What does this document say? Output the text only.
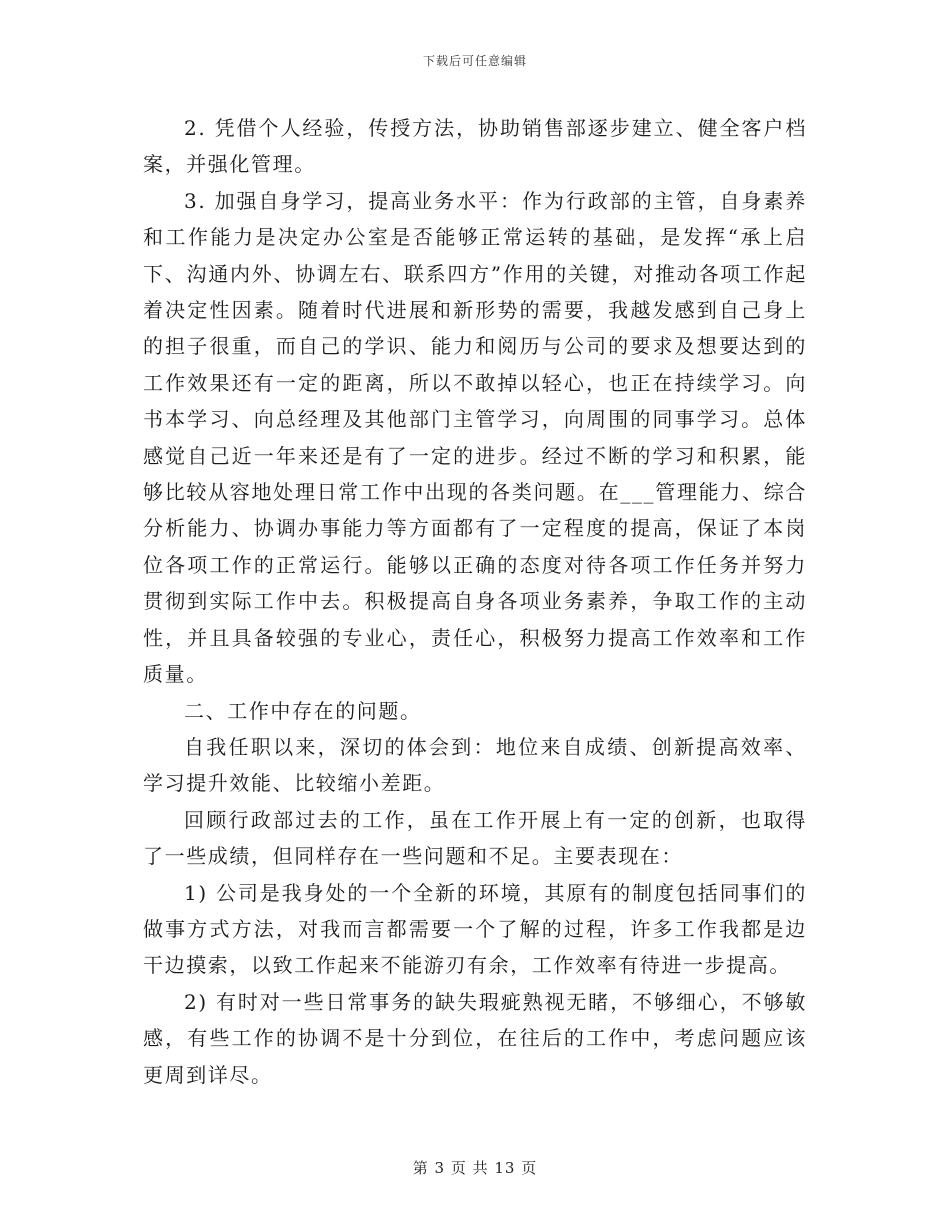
下载后可任意编辑

2. 凭借个人经验，传授方法，协助销售部逐步建立、健全客户档案，并强化管理。

3. 加强自身学习，提高业务水平：作为行政部的主管，自身素养和工作能力是决定办公室是否能够正常运转的基础，是发挥“承上启下、沟通内外、协调左右、联系四方”作用的关键，对推动各项工作起着决定性因素。随着时代进展和新形势的需要，我越发感到自己身上的担子很重，而自己的学识、能力和阅历与公司的要求及想要达到的工作效果还有一定的距离，所以不敢掉以轻心，也正在持续学习。向书本学习、向总经理及其他部门主管学习，向周围的同事学习。总体感觉自己近一年来还是有了一定的进步。经过不断的学习和积累，能够比较从容地处理日常工作中出现的各类问题。在___管理能力、综合分析能力、协调办事能力等方面都有了一定程度的提高，保证了本岗位各项工作的正常运行。能够以正确的态度对待各项工作任务并努力贯彻到实际工作中去。积极提高自身各项业务素养，争取工作的主动性，并且具备较强的专业心，责任心，积极努力提高工作效率和工作质量。

二、工作中存在的问题。

自我任职以来，深切的体会到：地位来自成绩、创新提高效率、学习提升效能、比较缩小差距。

回顾行政部过去的工作，虽在工作开展上有一定的创新，也取得了一些成绩，但同样存在一些问题和不足。主要表现在：

1) 公司是我身处的一个全新的环境，其原有的制度包括同事们的做事方式方法，对我而言都需要一个了解的过程，许多工作我都是边干边摸索，以致工作起来不能游刃有余，工作效率有待进一步提高。

2) 有时对一些日常事务的缺失瑕疵熟视无睹，不够细心，不够敏感，有些工作的协调不是十分到位，在往后的工作中，考虑问题应该更周到详尽。

第 3 页 共 13 页
